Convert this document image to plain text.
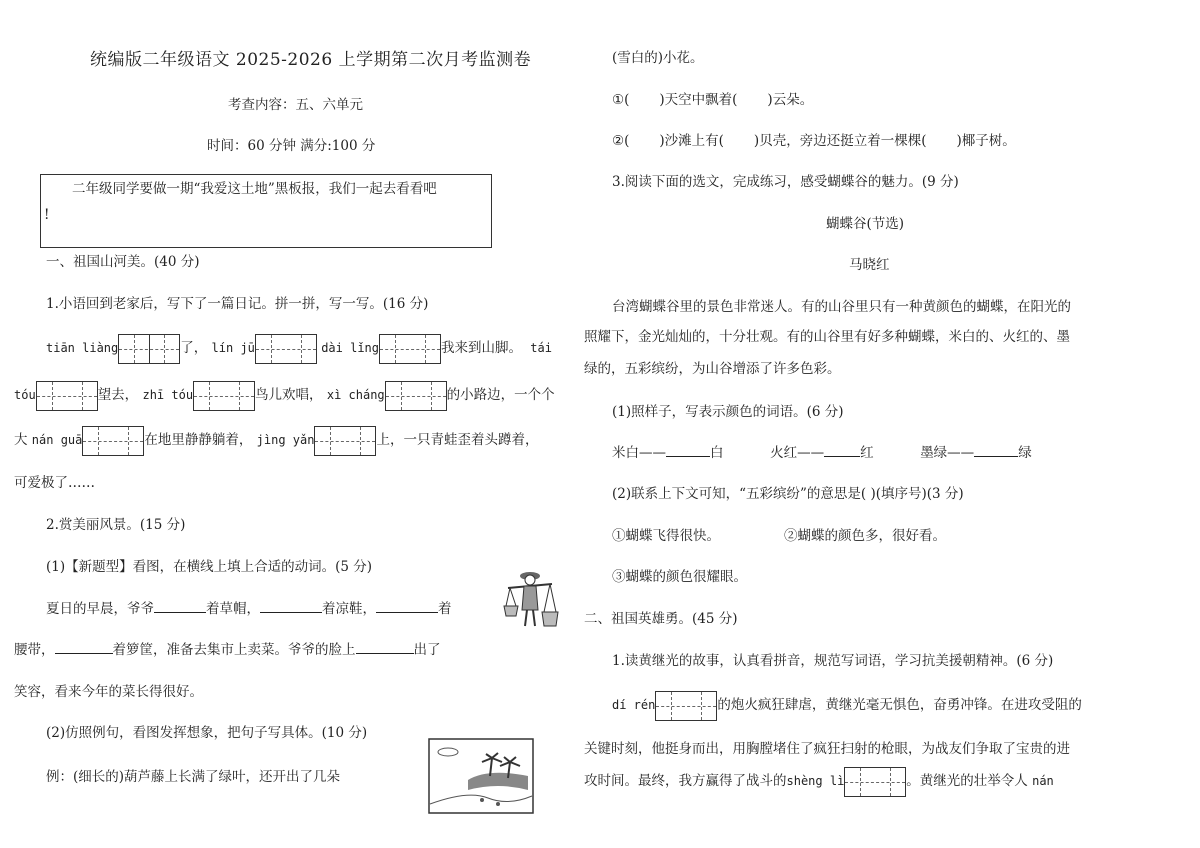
统编版二年级语文 2025-2026 上学期第二次月考监测卷
考查内容：五、六单元
时间：60 分钟 满分:100 分
二年级同学要做一期“我爱这土地”黑板报，我们一起去看看吧
!
一、祖国山河美。(40 分)
1.小语回到老家后，写下了一篇日记。拼一拼，写一写。(16 分)
tiān liàng	了， lín jū	dài lǐng	我来到山脚。 tái
tóu	望去， zhī tóu	鸟儿欢唱， xì cháng	的小路边，一个个
大 nán guā	在地里静静躺着， jìng yǎn	上，一只青蛙歪着头蹲着，
可爱极了……
2.赏美丽风景。(15 分)
(1)【新题型】看图，在横线上填上合适的动词。(5 分)
夏日的早晨，爷爷	着草帽，	着凉鞋，	着
腰带，	着箩筐，准备去集市上卖菜。爷爷的脸上	出了
笑容，看来今年的菜长得很好。
(2)仿照例句，看图发挥想象，把句子写具体。(10 分)
例：(细长的)葫芦藤上长满了绿叶，还开出了几朵
(雪白的)小花。
①( )天空中飘着( )云朵。
②( )沙滩上有( )贝壳，旁边还挺立着一棵棵( )椰子树。
3.阅读下面的选文，完成练习，感受蝴蝶谷的魅力。(9 分)
蝴蝶谷(节选)
马晓红
台湾蝴蝶谷里的景色非常迷人。有的山谷里只有一种黄颜色的蝴蝶，在阳光的
照耀下，金光灿灿的，十分壮观。有的山谷里有好多种蝴蝶，米白的、火红的、墨
绿的，五彩缤纷，为山谷增添了许多色彩。
(1)照样子，写表示颜色的词语。(6 分)
米白——	白	火红——	红	墨绿——	绿
(2)联系上下文可知，“五彩缤纷”的意思是( )(填序号)(3 分)
①蝴蝶飞得很快。	②蝴蝶的颜色多，很好看。
③蝴蝶的颜色很耀眼。
二、祖国英雄勇。(45 分)
1.读黄继光的故事，认真看拼音，规范写词语，学习抗美援朝精神。(6 分)
dí rén	的炮火疯狂肆虐，黄继光毫无惧色，奋勇冲锋。在进攻受阻的
关键时刻，他挺身而出，用胸膛堵住了疯狂扫射的枪眼，为战友们争取了宝贵的进
攻时间。最终，我方赢得了战斗的shèng lì	。黄继光的壮举令人 nán
